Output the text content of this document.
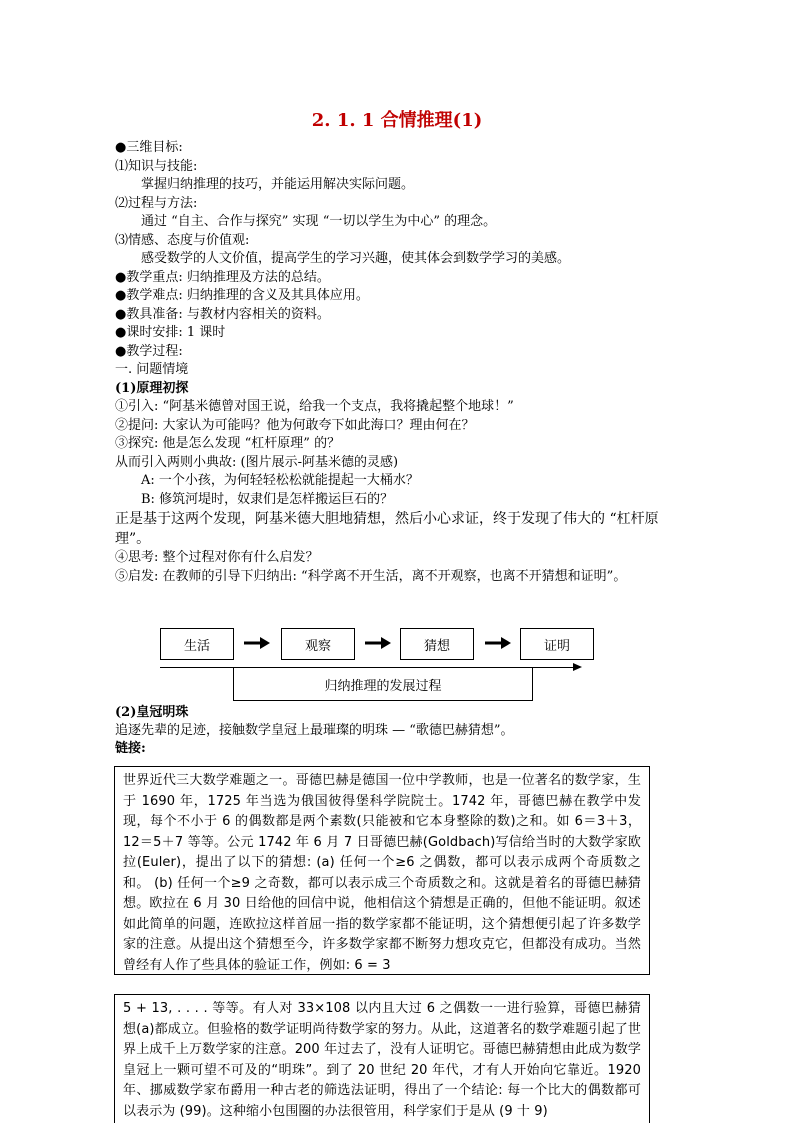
2. 1. 1 合情推理(1)
●三维目标:
⑴知识与技能:
掌握归纳推理的技巧，并能运用解决实际问题。
⑵过程与方法:
通过 “自主、合作与探究” 实现 “一切以学生为中心” 的理念。
⑶情感、态度与价值观:
感受数学的人文价值，提高学生的学习兴趣，使其体会到数学学习的美感。
●教学重点: 归纳推理及方法的总结。
●教学难点: 归纳推理的含义及其具体应用。
●教具准备: 与教材内容相关的资料。
●课时安排: 1 课时
●教学过程:
一. 问题情境
(1)原理初探
①引入: “阿基米德曾对国王说，给我一个支点，我将撬起整个地球！”
②提问: 大家认为可能吗？他为何敢夸下如此海口？理由何在？
③探究: 他是怎么发现 “杠杆原理” 的？
从而引入两则小典故: (图片展示-阿基米德的灵感)
A: 一个小孩，为何轻轻松松就能提起一大桶水？
B: 修筑河堤时，奴隶们是怎样搬运巨石的？
正是基于这两个发现，阿基米德大胆地猜想，然后小心求证，终于发现了伟大的 “杠杆原理”。
④思考: 整个过程对你有什么启发？
⑤启发: 在教师的引导下归纳出: “科学离不开生活，离不开观察，也离不开猜想和证明”。
生活	观察	猜想	证明
归纳推理的发展过程
(2)皇冠明珠
追逐先辈的足迹，接触数学皇冠上最璀璨的明珠 — “歌德巴赫猜想”。
链接:
世界近代三大数学难题之一。哥德巴赫是德国一位中学教师，也是一位著名的数学家，生于 1690 年，1725 年当选为俄国彼得堡科学院院士。1742 年，哥德巴赫在教学中发现，每个不小于 6 的偶数都是两个素数(只能被和它本身整除的数)之和。如 6＝3＋3，12＝5＋7 等等。公元 1742 年 6 月 7 日哥德巴赫(Goldbach)写信给当时的大数学家欧拉(Euler)，提出了以下的猜想: (a) 任何一个≥6 之偶数，都可以表示成两个奇质数之和。 (b) 任何一个≥9 之奇数，都可以表示成三个奇质数之和。这就是着名的哥德巴赫猜想。欧拉在 6 月 30 日给他的回信中说，他相信这个猜想是正确的，但他不能证明。叙述如此简单的问题，连欧拉这样首屈一指的数学家都不能证明，这个猜想便引起了许多数学家的注意。从提出这个猜想至今，许多数学家都不断努力想攻克它，但都没有成功。当然曾经有人作了些具体的验证工作，例如: 6 = 3
5 + 13, . . . . 等等。有人对 33×108 以内且大过 6 之偶数一一进行验算，哥德巴赫猜想(a)都成立。但验格的数学证明尚待数学家的努力。从此，这道著名的数学难题引起了世界上成千上万数学家的注意。200 年过去了，没有人证明它。哥德巴赫猜想由此成为数学皇冠上一颗可望不可及的“明珠”。到了 20 世纪 20 年代，才有人开始向它靠近。1920 年、挪威数学家布爵用一种古老的筛选法证明，得出了一个结论: 每一个比大的偶数都可以表示为 (99)。这种缩小包围圈的办法很管用，科学家们于是从 (9 十 9)
